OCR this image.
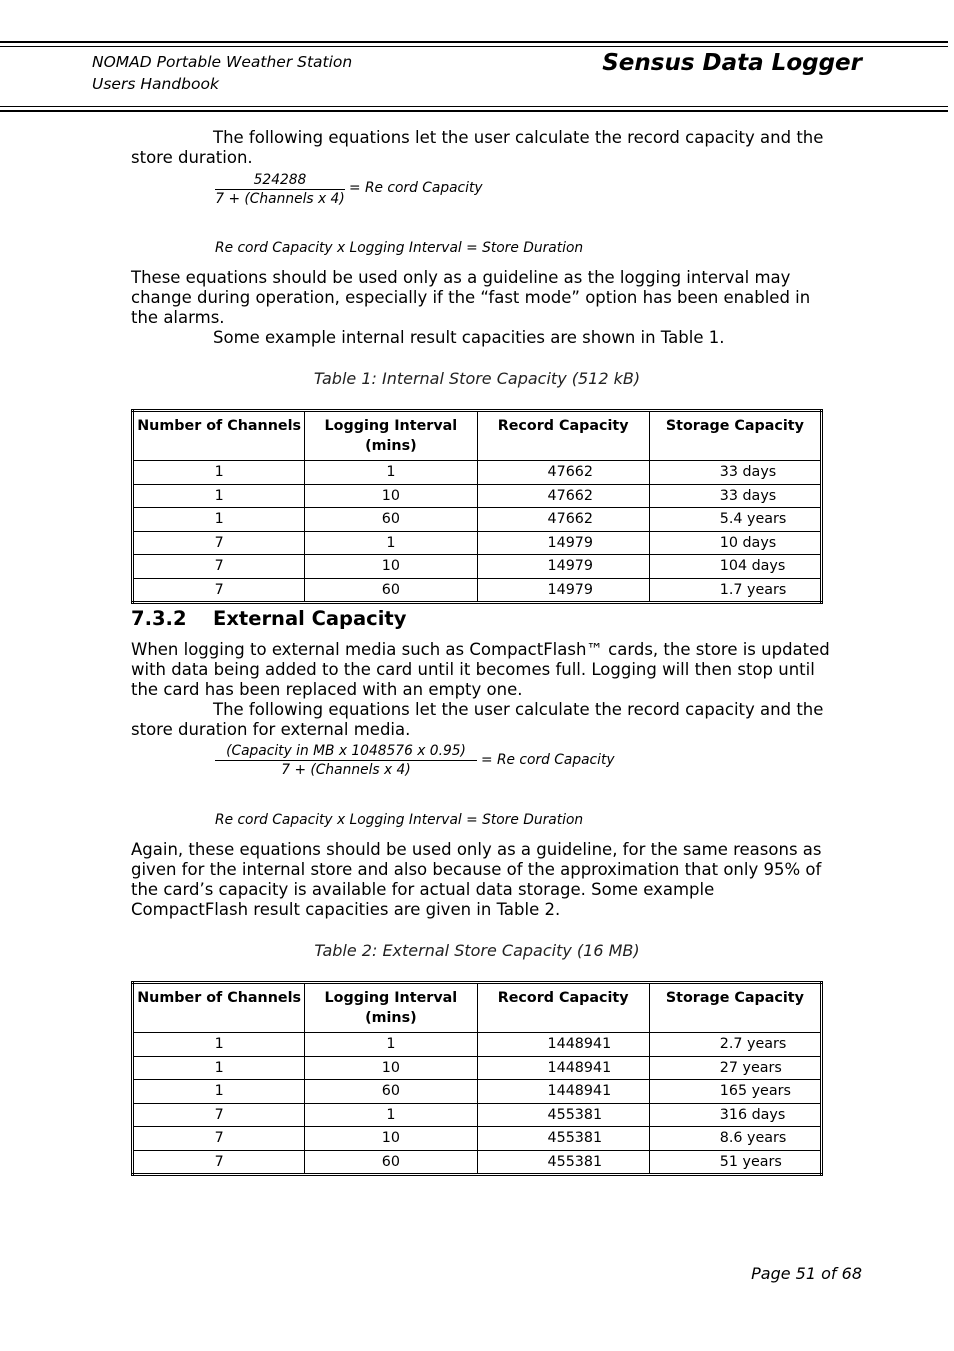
NOMAD Portable Weather Station
Users Handbook
Sensus Data Logger
The following equations let the user calculate the record capacity and the store duration.
524288
7 + (Channels x 4)
= Re cord Capacity
Re cord Capacity x Logging Interval = Store Duration
These equations should be used only as a guideline as the logging interval may change during operation, especially if the “fast mode” option has been enabled in the alarms.
Some example internal result capacities are shown in Table 1.
Table 1: Internal Store Capacity (512 kB)
Number of Channels	Logging Interval (mins)	Record Capacity	Storage Capacity
1	1	47662	33 days
1	10	47662	33 days
1	60	47662	5.4 years
7	1	14979	10 days
7	10	14979	104 days
7	60	14979	1.7 years
7.3.2 External Capacity
When logging to external media such as CompactFlash™ cards, the store is updated with data being added to the card until it becomes full. Logging will then stop until the card has been replaced with an empty one.
The following equations let the user calculate the record capacity and the store duration for external media.
(Capacity in MB x 1048576 x 0.95)
7 + (Channels x 4)
= Re cord Capacity
Re cord Capacity x Logging Interval = Store Duration
Again, these equations should be used only as a guideline, for the same reasons as given for the internal store and also because of the approximation that only 95% of the card’s capacity is available for actual data storage. Some example CompactFlash result capacities are given in Table 2.
Table 2: External Store Capacity (16 MB)
Number of Channels	Logging Interval (mins)	Record Capacity	Storage Capacity
1	1	1448941	2.7 years
1	10	1448941	27 years
1	60	1448941	165 years
7	1	455381	316 days
7	10	455381	8.6 years
7	60	455381	51 years
Page 51 of 68
